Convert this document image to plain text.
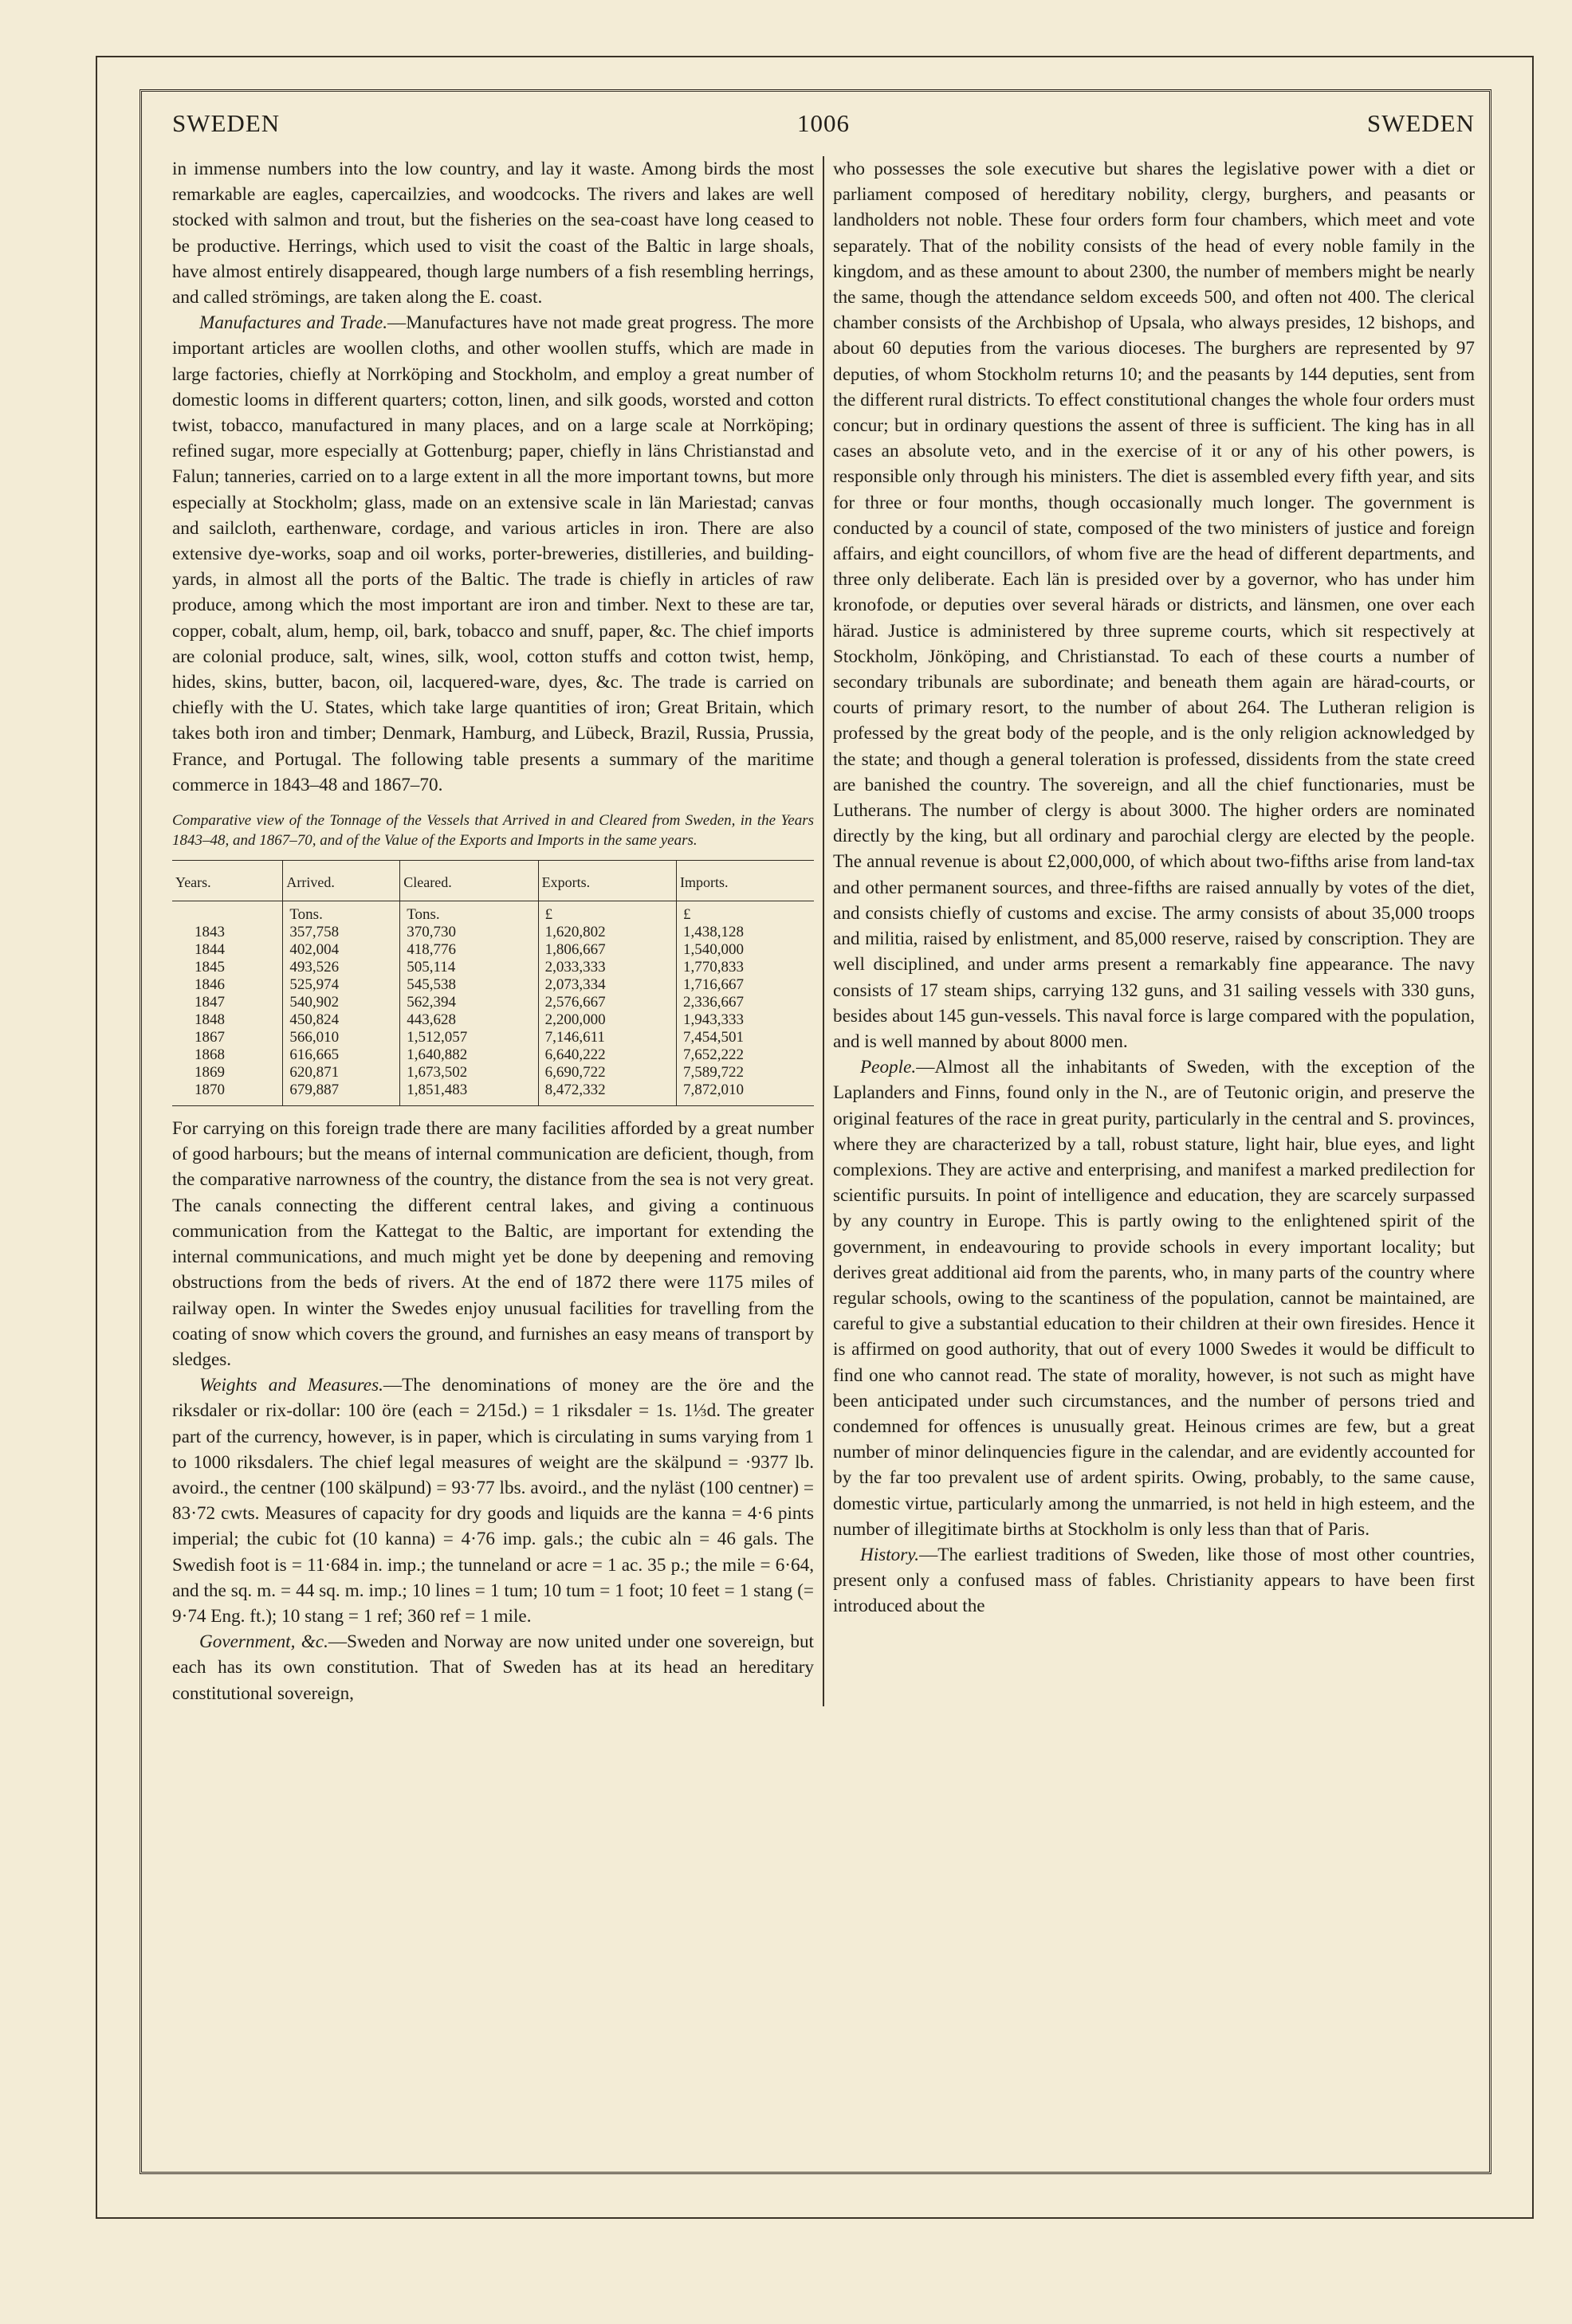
SWEDEN	1006	SWEDEN

in immense numbers into the low country, and lay it waste. Among birds the most remarkable are eagles, capercailzies, and woodcocks. The rivers and lakes are well stocked with salmon and trout, but the fisheries on the sea-coast have long ceased to be productive. Herrings, which used to visit the coast of the Baltic in large shoals, have almost entirely disappeared, though large numbers of a fish resembling herrings, and called strömings, are taken along the E. coast.

Manufactures and Trade.—Manufactures have not made great progress. The more important articles are woollen cloths, and other woollen stuffs, which are made in large factories, chiefly at Norrköping and Stockholm, and employ a great number of domestic looms in different quarters; cotton, linen, and silk goods, worsted and cotton twist, tobacco, manufactured in many places, and on a large scale at Norrköping; refined sugar, more especially at Gottenburg; paper, chiefly in läns Christianstad and Falun; tanneries, carried on to a large extent in all the more important towns, but more especially at Stockholm; glass, made on an extensive scale in län Mariestad; canvas and sailcloth, earthenware, cordage, and various articles in iron. There are also extensive dye-works, soap and oil works, porter-breweries, distilleries, and building-yards, in almost all the ports of the Baltic. The trade is chiefly in articles of raw produce, among which the most important are iron and timber. Next to these are tar, copper, cobalt, alum, hemp, oil, bark, tobacco and snuff, paper, &c. The chief imports are colonial produce, salt, wines, silk, wool, cotton stuffs and cotton twist, hemp, hides, skins, butter, bacon, oil, lacquered-ware, dyes, &c. The trade is carried on chiefly with the U. States, which take large quantities of iron; Great Britain, which takes both iron and timber; Denmark, Hamburg, and Lübeck, Brazil, Russia, Prussia, France, and Portugal. The following table presents a summary of the maritime commerce in 1843–48 and 1867–70.

Comparative view of the Tonnage of the Vessels that Arrived in and Cleared from Sweden, in the Years 1843–48, and 1867–70, and of the Value of the Exports and Imports in the same years.
Years.	Arrived.	Cleared.	Exports.	Imports.
	Tons.	Tons.	£	£
1843	357,758	370,730	1,620,802	1,438,128
1844	402,004	418,776	1,806,667	1,540,000
1845	493,526	505,114	2,033,333	1,770,833
1846	525,974	545,538	2,073,334	1,716,667
1847	540,902	562,394	2,576,667	2,336,667
1848	450,824	443,628	2,200,000	1,943,333
1867	566,010	1,512,057	7,146,611	7,454,501
1868	616,665	1,640,882	6,640,222	7,652,222
1869	620,871	1,673,502	6,690,722	7,589,722
1870	679,887	1,851,483	8,472,332	7,872,010

For carrying on this foreign trade there are many facilities afforded by a great number of good harbours; but the means of internal communication are deficient, though, from the comparative narrowness of the country, the distance from the sea is not very great. The canals connecting the different central lakes, and giving a continuous communication from the Kattegat to the Baltic, are important for extending the internal communications, and much might yet be done by deepening and removing obstructions from the beds of rivers. At the end of 1872 there were 1175 miles of railway open. In winter the Swedes enjoy unusual facilities for travelling from the coating of snow which covers the ground, and furnishes an easy means of transport by sledges.

Weights and Measures.—The denominations of money are the öre and the riksdaler or rix-dollar: 100 öre (each = 2⁄15d.) = 1 riksdaler = 1s. 1⅓d. The greater part of the currency, however, is in paper, which is circulating in sums varying from 1 to 1000 riksdalers. The chief legal measures of weight are the skälpund = ·9377 lb. avoird., the centner (100 skälpund) = 93·77 lbs. avoird., and the nyläst (100 centner) = 83·72 cwts. Measures of capacity for dry goods and liquids are the kanna = 4·6 pints imperial; the cubic fot (10 kanna) = 4·76 imp. gals.; the cubic aln = 46 gals. The Swedish foot is = 11·684 in. imp.; the tunneland or acre = 1 ac. 35 p.; the mile = 6·64, and the sq. m. = 44 sq. m. imp.; 10 lines = 1 tum; 10 tum = 1 foot; 10 feet = 1 stang (= 9·74 Eng. ft.); 10 stang = 1 ref; 360 ref = 1 mile.

Government, &c.—Sweden and Norway are now united under one sovereign, but each has its own constitution. That of Sweden has at its head an hereditary constitutional sovereign,

who possesses the sole executive but shares the legislative power with a diet or parliament composed of hereditary nobility, clergy, burghers, and peasants or landholders not noble. These four orders form four chambers, which meet and vote separately. That of the nobility consists of the head of every noble family in the kingdom, and as these amount to about 2300, the number of members might be nearly the same, though the attendance seldom exceeds 500, and often not 400. The clerical chamber consists of the Archbishop of Upsala, who always presides, 12 bishops, and about 60 deputies from the various dioceses. The burghers are represented by 97 deputies, of whom Stockholm returns 10; and the peasants by 144 deputies, sent from the different rural districts. To effect constitutional changes the whole four orders must concur; but in ordinary questions the assent of three is sufficient. The king has in all cases an absolute veto, and in the exercise of it or any of his other powers, is responsible only through his ministers. The diet is assembled every fifth year, and sits for three or four months, though occasionally much longer. The government is conducted by a council of state, composed of the two ministers of justice and foreign affairs, and eight councillors, of whom five are the head of different departments, and three only deliberate. Each län is presided over by a governor, who has under him kronofode, or deputies over several härads or districts, and länsmen, one over each härad. Justice is administered by three supreme courts, which sit respectively at Stockholm, Jönköping, and Christianstad. To each of these courts a number of secondary tribunals are subordinate; and beneath them again are härad-courts, or courts of primary resort, to the number of about 264. The Lutheran religion is professed by the great body of the people, and is the only religion acknowledged by the state; and though a general toleration is professed, dissidents from the state creed are banished the country. The sovereign, and all the chief functionaries, must be Lutherans. The number of clergy is about 3000. The higher orders are nominated directly by the king, but all ordinary and parochial clergy are elected by the people. The annual revenue is about £2,000,000, of which about two-fifths arise from land-tax and other permanent sources, and three-fifths are raised annually by votes of the diet, and consists chiefly of customs and excise. The army consists of about 35,000 troops and militia, raised by enlistment, and 85,000 reserve, raised by conscription. They are well disciplined, and under arms present a remarkably fine appearance. The navy consists of 17 steam ships, carrying 132 guns, and 31 sailing vessels with 330 guns, besides about 145 gun-vessels. This naval force is large compared with the population, and is well manned by about 8000 men.

People.—Almost all the inhabitants of Sweden, with the exception of the Laplanders and Finns, found only in the N., are of Teutonic origin, and preserve the original features of the race in great purity, particularly in the central and S. provinces, where they are characterized by a tall, robust stature, light hair, blue eyes, and light complexions. They are active and enterprising, and manifest a marked predilection for scientific pursuits. In point of intelligence and education, they are scarcely surpassed by any country in Europe. This is partly owing to the enlightened spirit of the government, in endeavouring to provide schools in every important locality; but derives great additional aid from the parents, who, in many parts of the country where regular schools, owing to the scantiness of the population, cannot be maintained, are careful to give a substantial education to their children at their own firesides. Hence it is affirmed on good authority, that out of every 1000 Swedes it would be difficult to find one who cannot read. The state of morality, however, is not such as might have been anticipated under such circumstances, and the number of persons tried and condemned for offences is unusually great. Heinous crimes are few, but a great number of minor delinquencies figure in the calendar, and are evidently accounted for by the far too prevalent use of ardent spirits. Owing, probably, to the same cause, domestic virtue, particularly among the unmarried, is not held in high esteem, and the number of illegitimate births at Stockholm is only less than that of Paris.

History.—The earliest traditions of Sweden, like those of most other countries, present only a confused mass of fables. Christianity appears to have been first introduced about the
